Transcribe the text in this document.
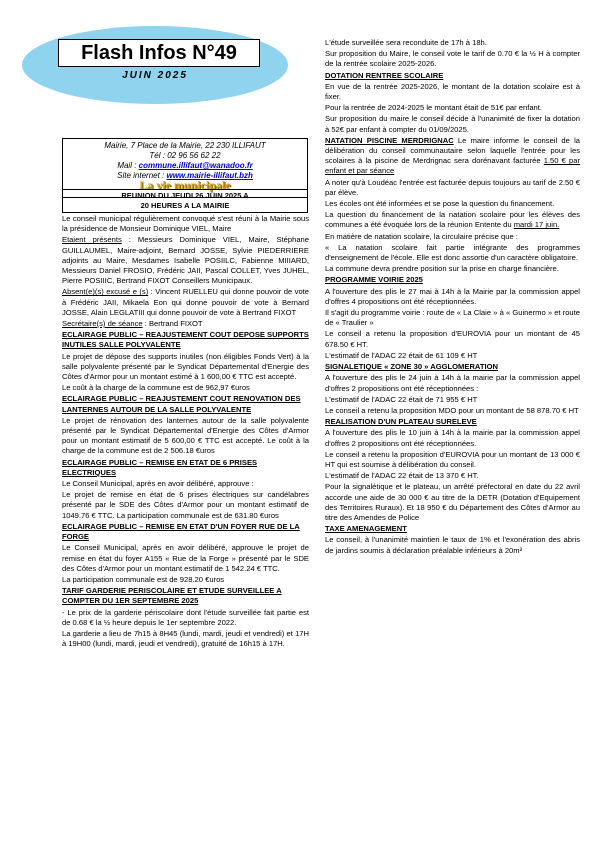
Flash Infos N°49
JUIN 2025
Mairie, 7 Place de la Mairie, 22 230 ILLIFAUT
Tél : 02 96 56 62 22
Mail : commune.illifaut@wanadoo.fr
Site internet : www.mairie-illifaut.bzh
La vie municipale
REUNION DU JEUDI 26 JUIN 2025 A
20 HEURES A LA MAIRIE

Le conseil municipal régulièrement convoqué s'est réuni à la Mairie sous la présidence de Monsieur Dominique VIEL, Maire

Etaient présents : Messieurs Dominique VIEL, Maire, Stéphane GUILLAUMEL, Maire-adjoint, Bernard JOSSE, Sylvie PIEDERRIERE adjoints au Maire, Mesdames Isabelle POSIILC, Fabienne MIIIARD, Messieurs Daniel FROSIO, Frédéric JAII, Pascal COLLET, Yves JUHEL, Pierre POSIIIC, Bertrand FIXOT Conseillers Municipaux.

Absent(e)(s) excusé e (s) : Vincent RUELLEU qui donne pouvoir de vote à Frédéric JAII, Mikaela Eon qui donne pouvoir de vote à Bernard JOSSE, Alain LEGLATIII qui donne pouvoir de vote à Bertrand FIXOT

Secrétaire(s) de séance : Bertrand FIXOT

ECLAIRAGE PUBLIC – REAJUSTEMENT COUT DEPOSE SUPPORTS INUTILES SALLE POLYVALENTE

Le projet de dépose des supports inutiles (non éligibles Fonds Vert) à la salle polyvalente présenté par le Syndicat Départemental d'Energie des Côtes d'Armor pour un montant estimé à 1 600,00 € TTC est accepté.

Le coût à la charge de la commune est de 962,97 €uros

ECLAIRAGE PUBLIC – REAJUSTEMENT COUT RENOVATION DES LANTERNES AUTOUR DE LA SALLE POLYVALENTE

Le projet de rénovation des lanternes autour de la salle polyvalente présenté par le Syndicat Départemental d'Energie des Côtes d'Armor pour un montant estimatif de 5 600,00 € TTC est accepté. Le coût à la charge de la commune est de 2 506.18 €uros

ECLAIRAGE PUBLIC – REMISE EN ETAT DE 6 PRISES ELECTRIQUES

Le Conseil Municipal, après en avoir délibéré, approuve :

Le projet de remise en état de 6 prises électriques sur candélabres présenté par le SDE des Côtes d'Armor pour un montant estimatif de 1049.76 € TTC. La participation communale est de 631.80 €uros

ECLAIRAGE PUBLIC – REMISE EN ETAT D'UN FOYER RUE DE LA FORGE

Le Conseil Municipal, après en avoir délibéré, approuve le projet de remise en état du foyer A155 « Rue de la Forge » présenté par le SDE des Côtes d'Armor pour un montant estimatif de 1 542.24 € TTC.

La participation communale est de 928.20 €uros

TARIF GARDERIE PERISCOLAIRE ET ETUDE SURVEILLEE A COMPTER DU 1ER SEPTEMBRE 2025

- Le prix de la garderie périscolaire dont l'étude surveillée fait partie est de 0.68 € la ½ heure depuis le 1er septembre 2022.

La garderie a lieu de 7h15 à 8H45 (lundi, mardi, jeudi et vendredi) et 17H à 19H00 (lundi, mardi, jeudi et vendredi), gratuité de 16h15 à 17H.

L'étude surveillée sera reconduite de 17h à 18h.

Sur proposition du Maire, le conseil vote le tarif de 0.70 € la ½ H à compter de la rentrée scolaire 2025-2026.

DOTATION RENTREE SCOLAIRE

En vue de la rentrée 2025-2026, le montant de la dotation scolaire est à fixer.

Pour la rentrée de 2024-2025 le montant était de 51€ par enfant.

Sur proposition du maire le conseil décide à l'unanimité de fixer la dotation à 52€ par enfant à compter du 01/09/2025.

NATATION PISCINE MERDRIGNAC Le maire informe le conseil de la délibération du conseil communautaire selon laquelle l'entrée pour les scolaires à la piscine de Merdrignac sera dorénavant facturée 1.50 € par enfant et par séance

A noter qu'à Loudéac l'entrée est facturée depuis toujours au tarif de 2.50 € par élève.

Les écoles ont été informées et se pose la question du financement.

La question du financement de la natation scolaire pour les élèves des communes a été évoquée lors de la réunion Entente du mardi 17 juin.

En matière de natation scolaire, la circulaire précise que :

« La natation scolaire fait partie intégrante des programmes d'enseignement de l'école. Elle est donc assortie d'un caractère obligatoire.

La commune devra prendre position sur la prise en charge financière.

PROGRAMME VOIRIE 2025

A l'ouverture des plis le 27 mai à 14h à la Mairie par la commission appel d'offres 4 propositions ont été réceptionnées.

Il s'agit du programme voirie : route de « La Claie » à « Guinermo » et route de « Traulier »

Le conseil a retenu la proposition d'EUROVIA pour un montant de 45 678.50 € HT.

L'estimatif de l'ADAC 22 était de 61 109 € HT

SIGNALETIQUE « ZONE 30 » AGGLOMERATION

A l'ouverture des plis le 24 juin à 14h à la mairie par la commission appel d'offres 2 propositions ont été réceptionnées :

L'estimatif de l'ADAC 22 était de 71 955 € HT

Le conseil a retenu la proposition MDO pour un montant de 58 878.70 € HT

REALISATION D'UN PLATEAU SURELEVE

A l'ouverture des plis le 10 juin à 14h à la mairie par la commission appel d'offres 2 propositions ont été réceptionnées.

Le conseil a retenu la proposition d'EUROVIA pour un montant de 13 000 € HT qui est soumise à délibération du conseil.

L'estimatif de l'ADAC 22 était de 13 370 € HT.

Pour la signalétique et le plateau, un arrêté préfectoral en date du 22 avril accorde une aide de 30 000 € au titre de la DETR (Dotation d'Equipement des Territoires Ruraux). Et 18 950 € du Département des Côtes d'Armor au titre des Amendes de Police

TAXE AMENAGEMENT

Le conseil, à l'unanimité maintien le taux de 1% et l'exonération des abris de jardins soumis à déclaration préalable inférieurs à 20m²
